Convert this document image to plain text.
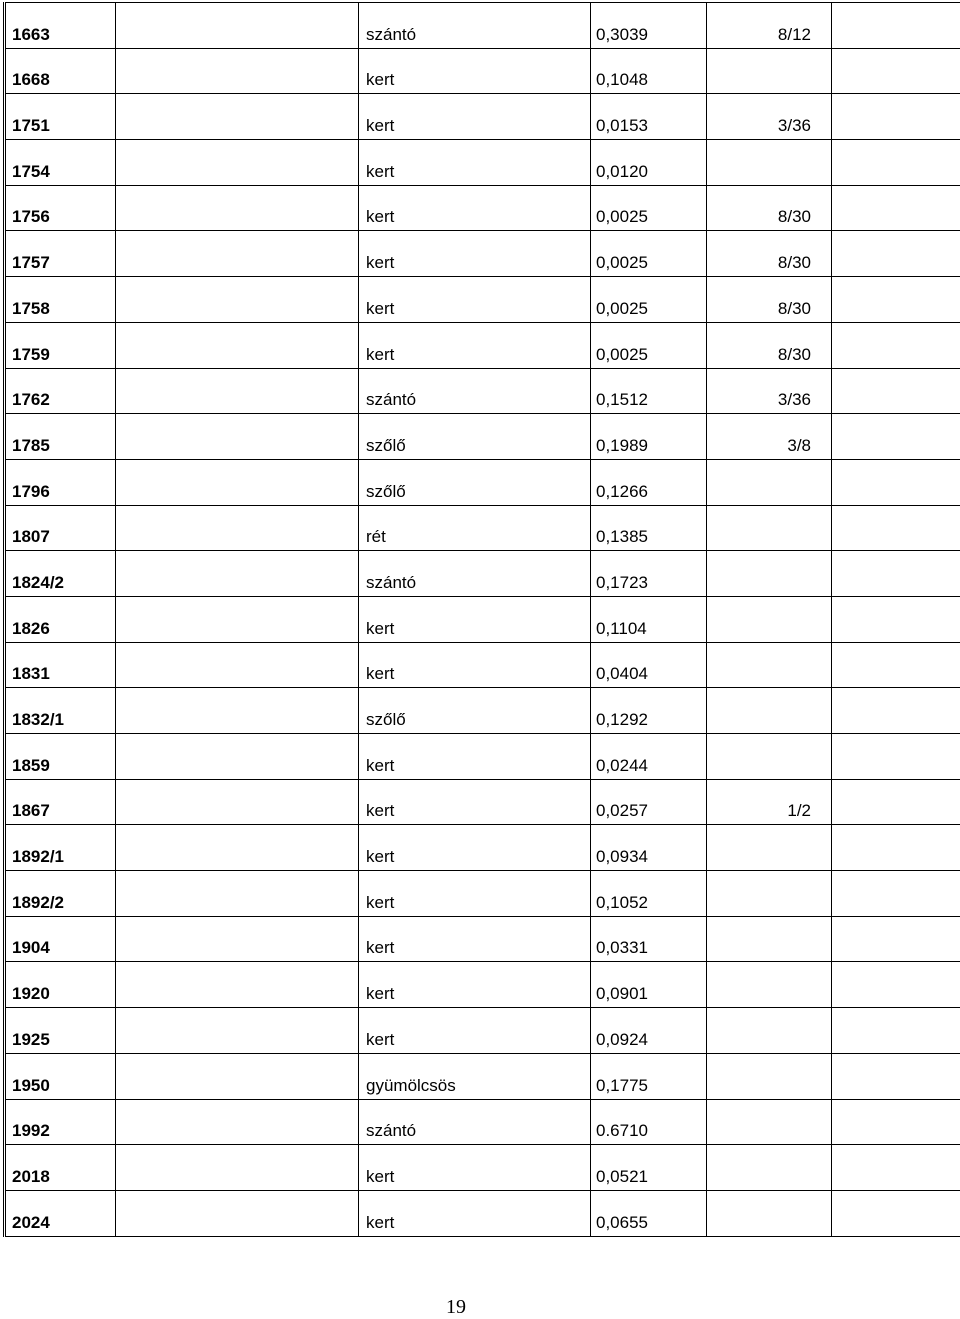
1663		szántó	0,3039	8/12	

1668		kert	0,1048		

1751		kert	0,0153	3/36	

1754		kert	0,0120		

1756		kert	0,0025	8/30	

1757		kert	0,0025	8/30	

1758		kert	0,0025	8/30	

1759		kert	0,0025	8/30	

1762		szántó	0,1512	3/36	

1785		szőlő	0,1989	3/8	

1796		szőlő	0,1266		

1807		rét	0,1385		

1824/2		szántó	0,1723		

1826		kert	0,1104		

1831		kert	0,0404		

1832/1		szőlő	0,1292		

1859		kert	0,0244		

1867		kert	0,0257	1/2	

1892/1		kert	0,0934		

1892/2		kert	0,1052		

1904		kert	0,0331		

1920		kert	0,0901		

1925		kert	0,0924		

1950		gyümölcsös	0,1775		

1992		szántó	0.6710		

2018		kert	0,0521		

2024		kert	0,0655		

19
